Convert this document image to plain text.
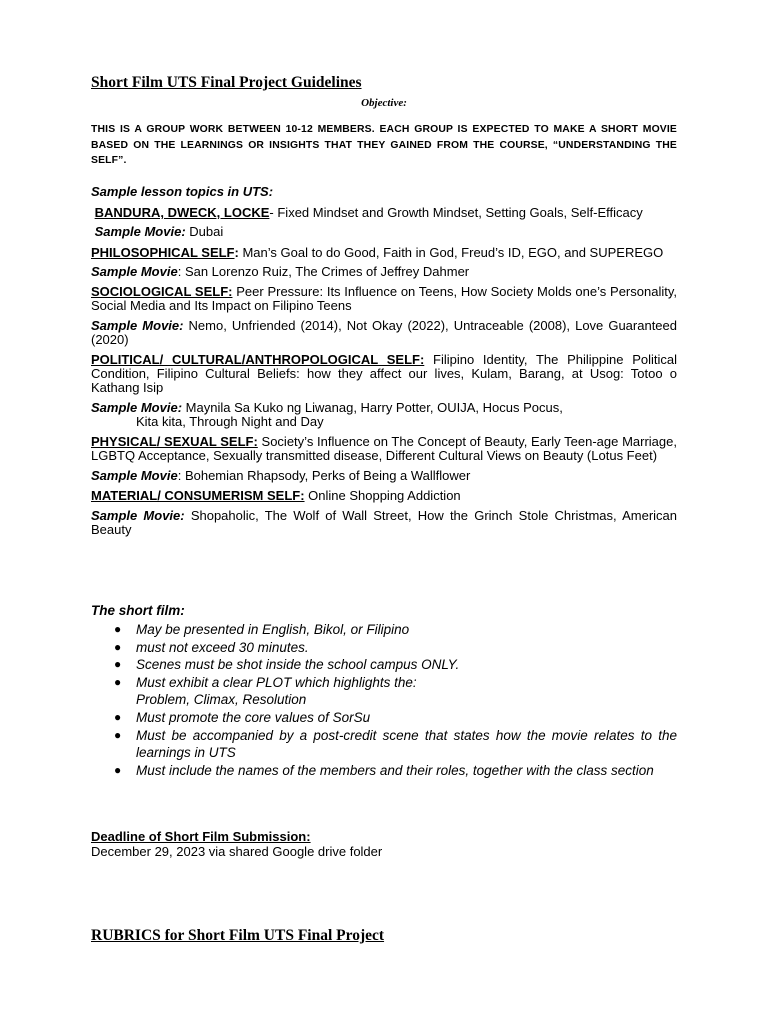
Short Film UTS Final Project Guidelines
Objective:
THIS IS A GROUP WORK BETWEEN 10-12 MEMBERS. EACH GROUP IS EXPECTED TO MAKE A SHORT MOVIE BASED ON THE LEARNINGS OR INSIGHTS THAT THEY GAINED FROM THE COURSE, “UNDERSTANDING THE SELF”.

Sample lesson topics in UTS:

BANDURA, DWECK, LOCKE- Fixed Mindset and Growth Mindset, Setting Goals, Self-Efficacy

Sample Movie: Dubai

PHILOSOPHICAL SELF: Man’s Goal to do Good, Faith in God, Freud’s ID, EGO, and SUPEREGO

Sample Movie: San Lorenzo Ruiz, The Crimes of Jeffrey Dahmer

SOCIOLOGICAL SELF: Peer Pressure: Its Influence on Teens, How Society Molds one’s Personality, Social Media and Its Impact on Filipino Teens

Sample Movie: Nemo, Unfriended (2014), Not Okay (2022), Untraceable (2008), Love Guaranteed (2020)

POLITICAL/ CULTURAL/ANTHROPOLOGICAL SELF: Filipino Identity, The Philippine Political Condition, Filipino Cultural Beliefs: how they affect our lives, Kulam, Barang, at Usog: Totoo o Kathang Isip

Sample Movie: Maynila Sa Kuko ng Liwanag, Harry Potter, OUIJA, Hocus Pocus,

Kita kita, Through Night and Day

PHYSICAL/ SEXUAL SELF: Society’s Influence on The Concept of Beauty, Early Teen-age Marriage, LGBTQ Acceptance, Sexually transmitted disease, Different Cultural Views on Beauty (Lotus Feet)

Sample Movie: Bohemian Rhapsody, Perks of Being a Wallflower

MATERIAL/ CONSUMERISM SELF: Online Shopping Addiction

Sample Movie: Shopaholic, The Wolf of Wall Street, How the Grinch Stole Christmas, American Beauty

The short film:

● May be presented in English, Bikol, or Filipino
● must not exceed 30 minutes.
● Scenes must be shot inside the school campus ONLY.
● Must exhibit a clear PLOT which highlights the:
Problem, Climax, Resolution
● Must promote the core values of SorSu
● Must be accompanied by a post-credit scene that states how the movie relates to the learnings in UTS
● Must include the names of the members and their roles, together with the class section
Deadline of Short Film Submission:
December 29, 2023 via shared Google drive folder
RUBRICS for Short Film UTS Final Project
